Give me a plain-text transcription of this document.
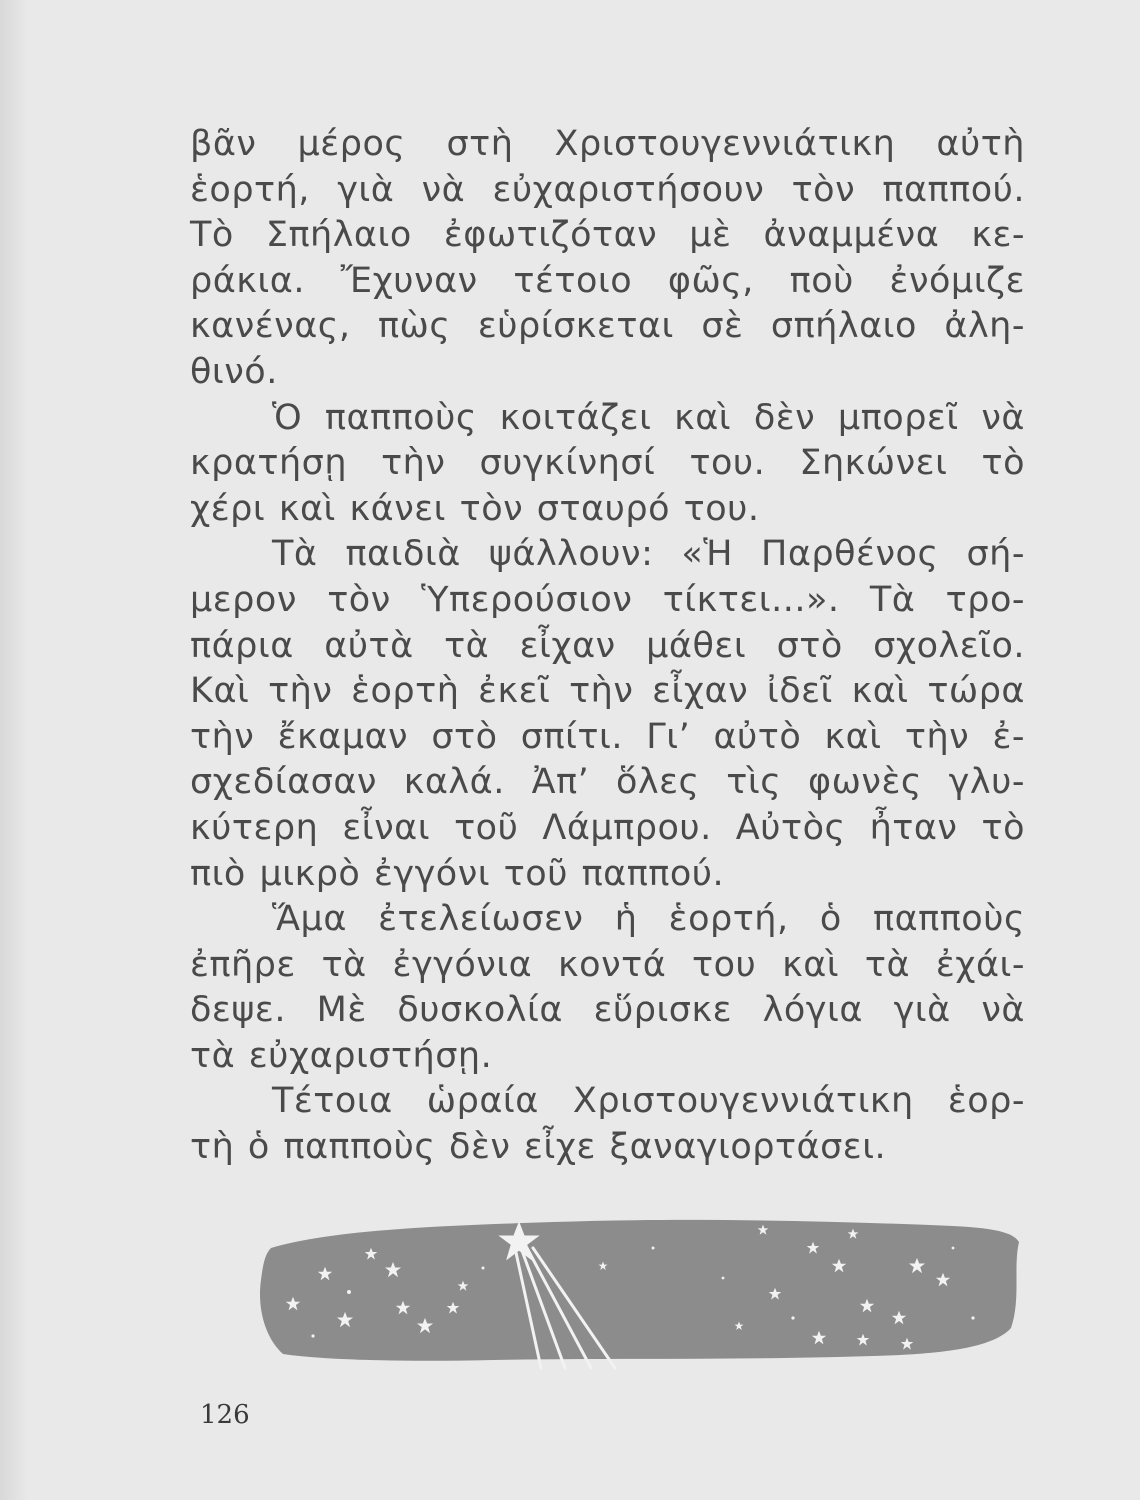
βᾶν μέρος στὴ Χριστουγεννιάτικη αὐτὴ
ἑορτή, γιὰ νὰ εὐχαριστήσουν τὸν παππού.
Τὸ Σπήλαιο ἐφωτιζόταν μὲ ἀναμμένα κε-
ράκια. Ἔχυναν τέτοιο φῶς, ποὺ ἐνόμιζε
κανένας, πὼς εὑρίσκεται σὲ σπήλαιο ἀλη-
θινό.
Ὁ παπποὺς κοιτάζει καὶ δὲν μπορεῖ νὰ
κρατήσῃ τὴν συγκίνησί του. Σηκώνει τὸ
χέρι καὶ κάνει τὸν σταυρό του.
Τὰ παιδιὰ ψάλλουν: «Ἡ Παρθένος σή-
μερον τὸν Ὑπερούσιον τίκτει...». Τὰ τρο-
πάρια αὐτὰ τὰ εἶχαν μάθει στὸ σχολεῖο.
Καὶ τὴν ἑορτὴ ἐκεῖ τὴν εἶχαν ἰδεῖ καὶ τώρα
τὴν ἔκαμαν στὸ σπίτι. Γι’ αὐτὸ καὶ τὴν ἐ-
σχεδίασαν καλά. Ἀπ’ ὅλες τὶς φωνὲς γλυ-
κύτερη εἶναι τοῦ Λάμπρου. Αὐτὸς ἦταν τὸ
πιὸ μικρὸ ἐγγόνι τοῦ παππού.
Ἅμα ἐτελείωσεν ἡ ἑορτή, ὁ παπποὺς
ἐπῆρε τὰ ἐγγόνια κοντά του καὶ τὰ ἐχάι-
δεψε. Μὲ δυσκολία εὕρισκε λόγια γιὰ νὰ
τὰ εὐχαριστήσῃ.
Τέτοια ὡραία Χριστουγεννιάτικη ἑορ-
τὴ ὁ παπποὺς δὲν εἶχε ξαναγιορτάσει.
126
